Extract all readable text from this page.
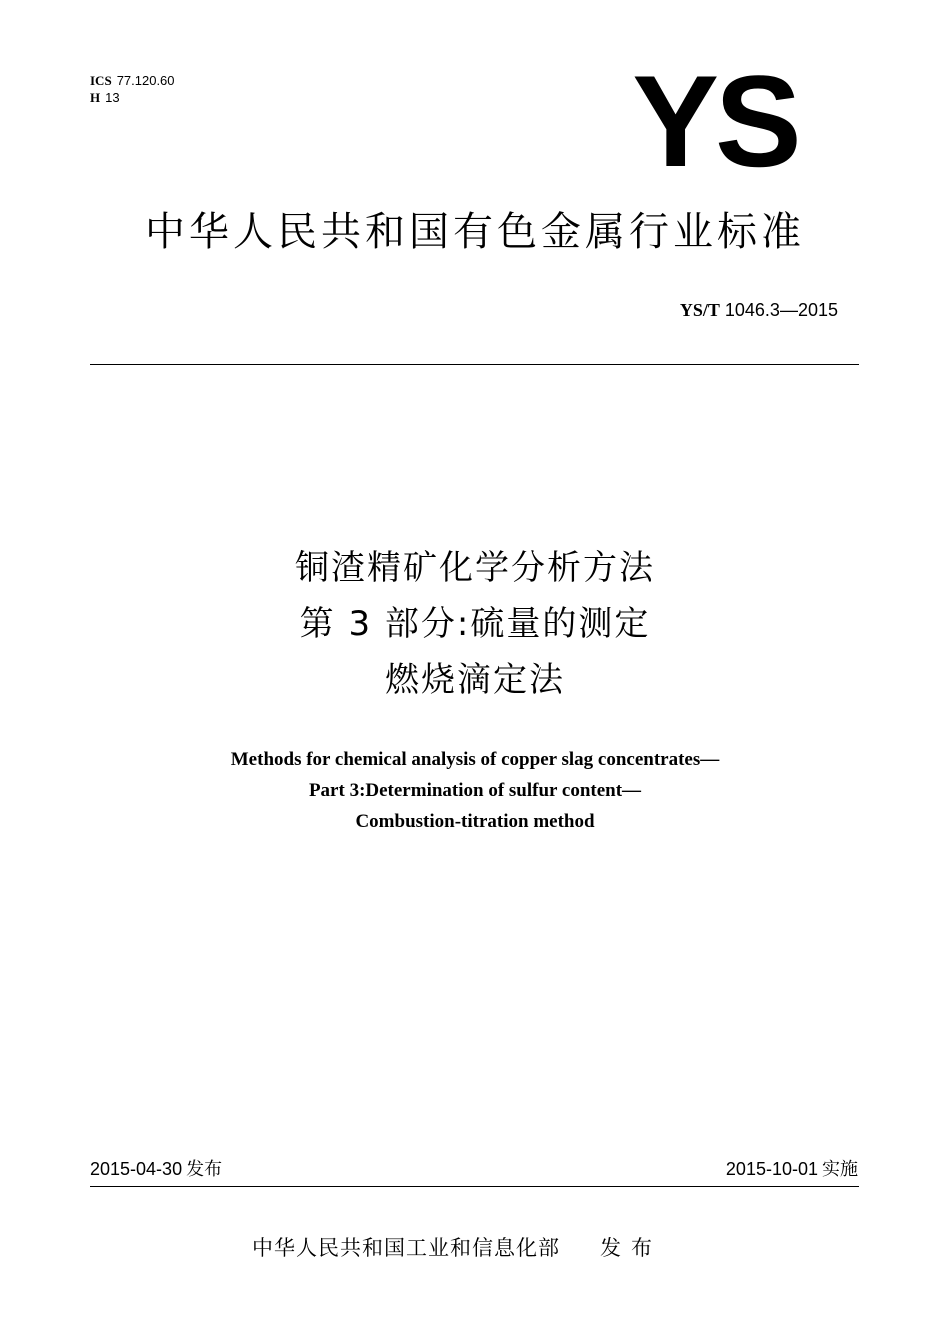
ICS 77.120.60
H 13	YS
中华人民共和国有色金属行业标准
YS/T 1046.3—2015
铜渣精矿化学分析方法
第 3 部分:硫量的测定
燃烧滴定法
Methods for chemical analysis of copper slag concentrates—
Part 3:Determination of sulfur content—
Combustion-titration method
2015-04-30 发布	2015-10-01 实施
中华人民共和国工业和信息化部 发布
